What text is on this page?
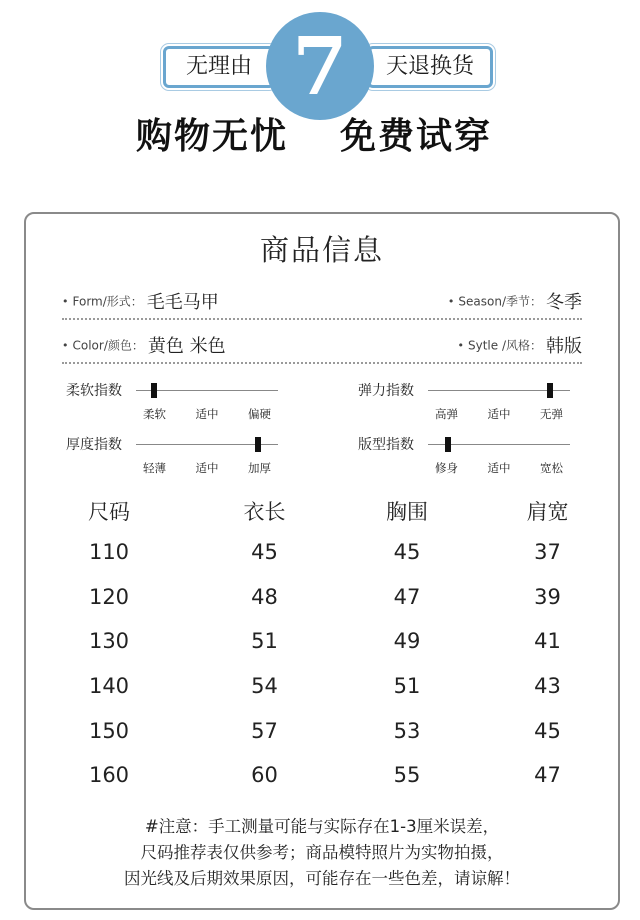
无理由	天退换货
7
购物无忧 免费试穿
商品信息
• Form/形式： 毛毛马甲	• Season/季节： 冬季
• Color/颜色： 黄色 米色	• Sytle /风格： 韩版
柔软指数
柔软	适中	偏硬
弹力指数
高弹	适中	无弹
厚度指数
轻薄	适中	加厚
版型指数
修身	适中	宽松
尺码	衣长	胸围	肩宽
110	45	45	37
120	48	47	39
130	51	49	41
140	54	51	43
150	57	53	45
160	60	55	47
#注意：手工测量可能与实际存在1-3厘米误差，
尺码推荐表仅供参考；商品模特照片为实物拍摄，
因光线及后期效果原因，可能存在一些色差，请谅解！
